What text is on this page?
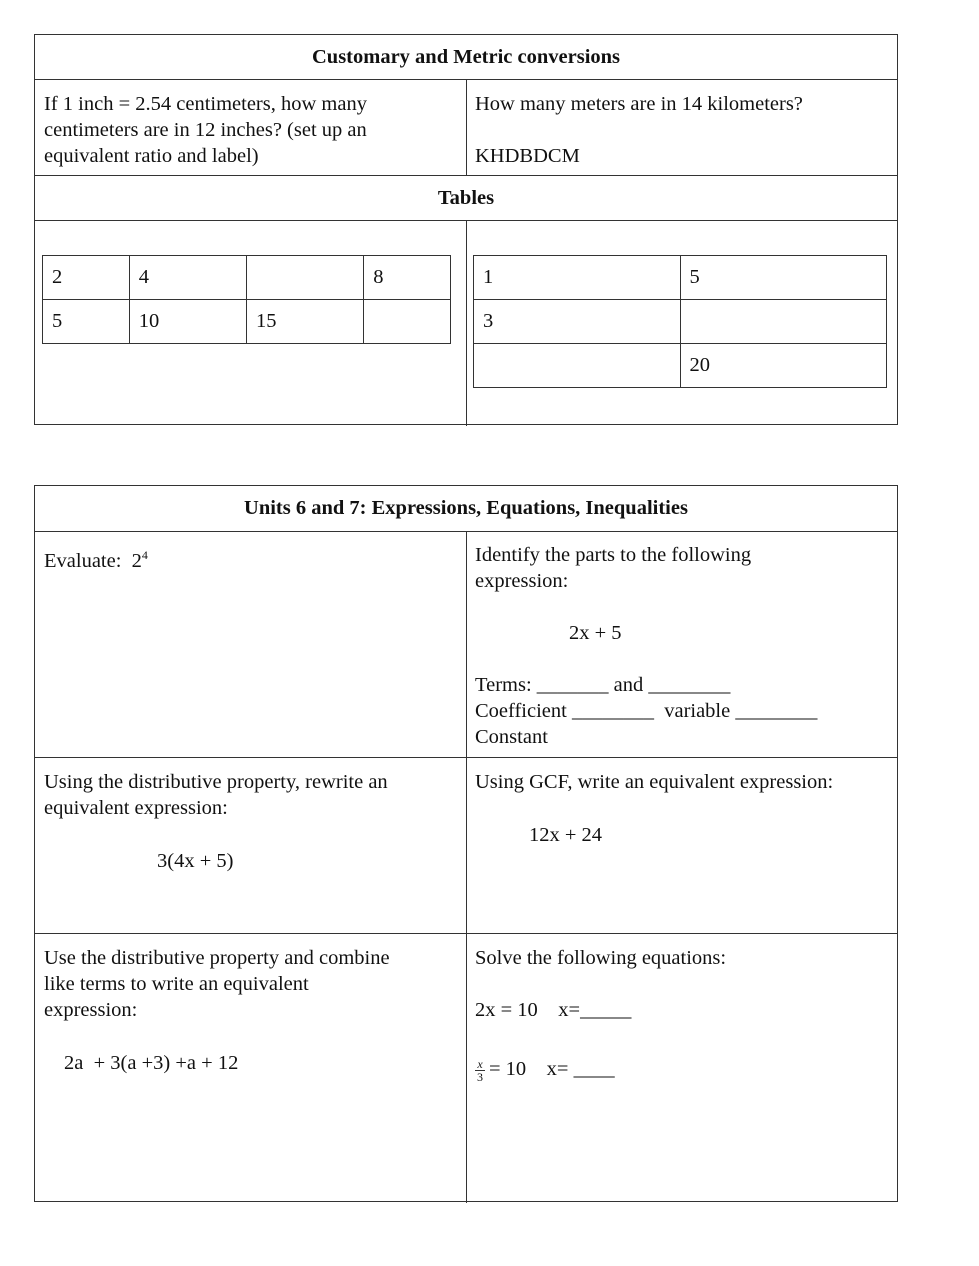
Customary and Metric conversions
Tables
If 1 inch = 2.54 centimeters, how many
centimeters are in 12 inches? (set up an
equivalent ratio and label)
How many meters are in 14 kilometers?
KHDBDCM
2	4		8
5	10	15	
1	5
3	
	20
Units 6 and 7: Expressions, Equations, Inequalities
Evaluate:  $2^4$	Identify the parts to the following
expression:
2x + 5
Terms: _______ and ________
Coefficient ________  variable ________
Constant
Using the distributive property, rewrite an
equivalent expression:
3(4x + 5)
Using GCF, write an equivalent expression:
12x + 24
Use the distributive property and combine
like terms to write an equivalent
expression:
2a  + 3(a +3) +a + 12
Solve the following equations:
2x = 10    x=_____
$\frac{x}{3} = 10$    x= ____
